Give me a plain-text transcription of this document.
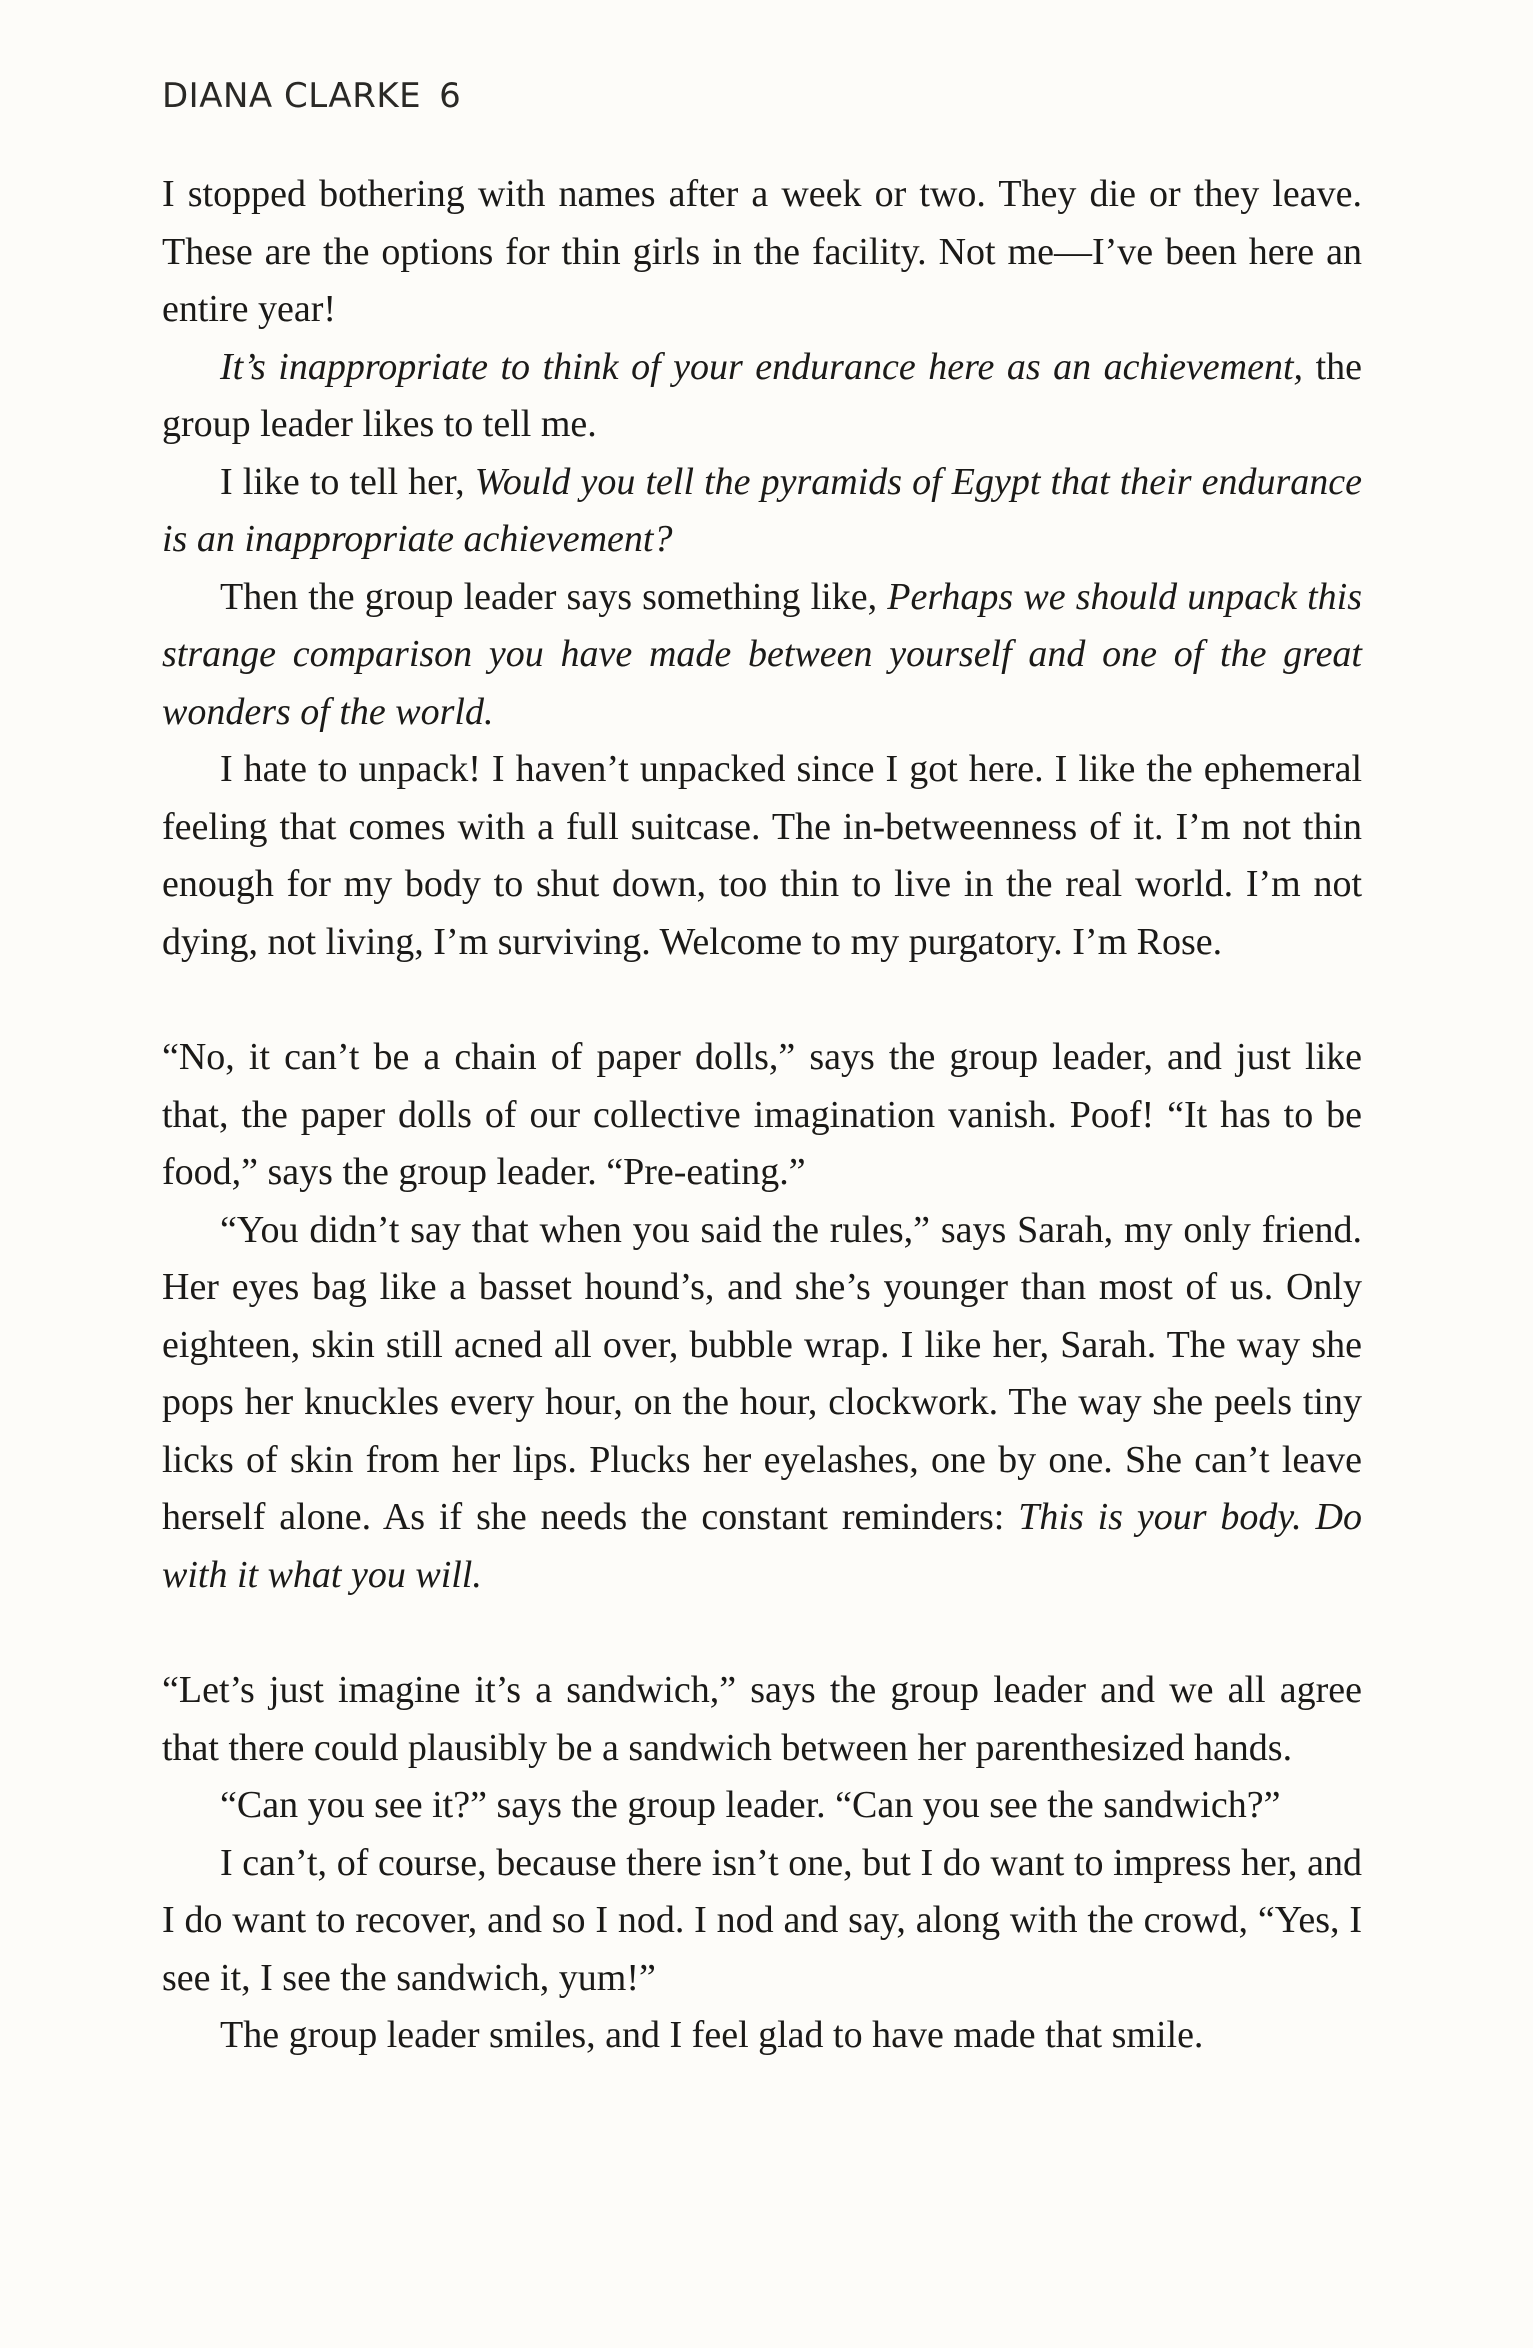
DIANA CLARKE 6

I stopped bothering with names after a week or two. They die or they leave. These are the options for thin girls in the facility. Not me—I’ve been here an entire year!

It’s inappropriate to think of your endurance here as an achievement, the group leader likes to tell me.

I like to tell her, Would you tell the pyramids of Egypt that their endurance is an inappropriate achievement?

Then the group leader says something like, Perhaps we should unpack this strange comparison you have made between yourself and one of the great wonders of the world.

I hate to unpack! I haven’t unpacked since I got here. I like the ephemeral feeling that comes with a full suitcase. The in-betweenness of it. I’m not thin enough for my body to shut down, too thin to live in the real world. I’m not dying, not living, I’m surviving. Welcome to my purgatory. I’m Rose.

“No, it can’t be a chain of paper dolls,” says the group leader, and just like that, the paper dolls of our collective imagination vanish. Poof! “It has to be food,” says the group leader. “Pre-eating.”

“You didn’t say that when you said the rules,” says Sarah, my only friend. Her eyes bag like a basset hound’s, and she’s younger than most of us. Only eighteen, skin still acned all over, bubble wrap. I like her, Sarah. The way she pops her knuckles every hour, on the hour, clockwork. The way she peels tiny licks of skin from her lips. Plucks her eyelashes, one by one. She can’t leave herself alone. As if she needs the constant reminders: This is your body. Do with it what you will.

“Let’s just imagine it’s a sandwich,” says the group leader and we all agree that there could plausibly be a sandwich between her parenthesized hands.

“Can you see it?” says the group leader. “Can you see the sandwich?”

I can’t, of course, because there isn’t one, but I do want to impress her, and I do want to recover, and so I nod. I nod and say, along with the crowd, “Yes, I see it, I see the sandwich, yum!”

The group leader smiles, and I feel glad to have made that smile.
